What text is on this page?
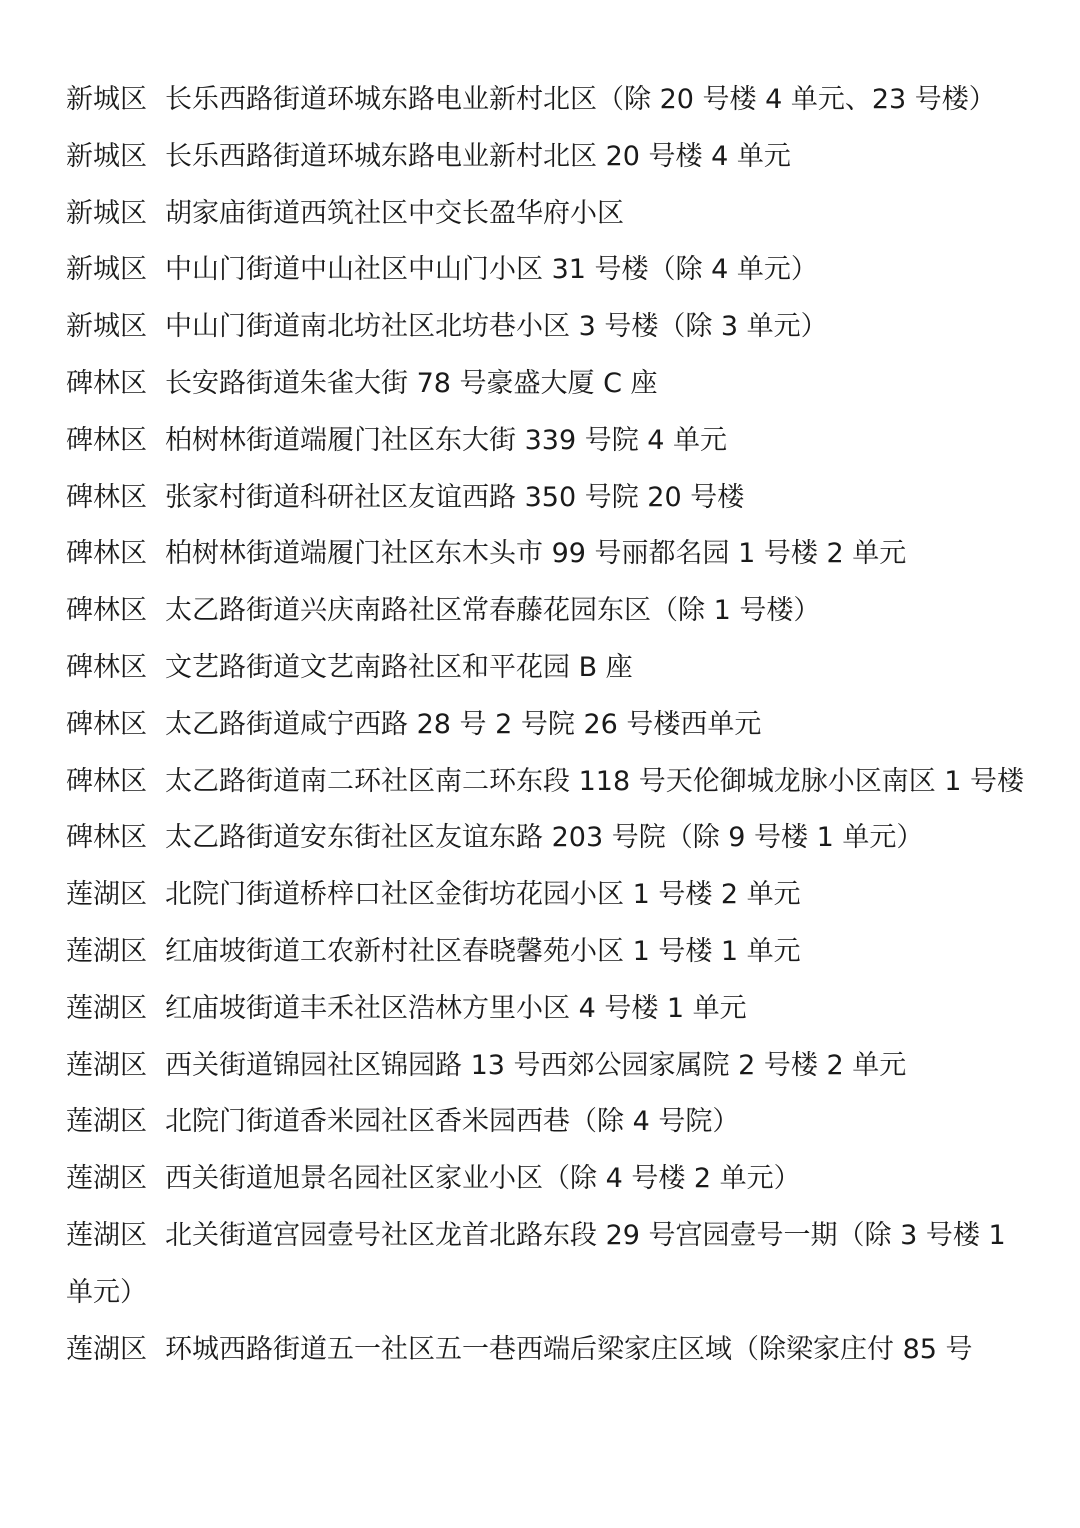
新城区 长乐西路街道环城东路电业新村北区（除 20 号楼 4 单元、23 号楼）

新城区 长乐西路街道环城东路电业新村北区 20 号楼 4 单元

新城区 胡家庙街道西筑社区中交长盈华府小区

新城区 中山门街道中山社区中山门小区 31 号楼（除 4 单元）

新城区 中山门街道南北坊社区北坊巷小区 3 号楼（除 3 单元）

碑林区 长安路街道朱雀大街 78 号豪盛大厦 C 座

碑林区 柏树林街道端履门社区东大街 339 号院 4 单元

碑林区 张家村街道科研社区友谊西路 350 号院 20 号楼

碑林区 柏树林街道端履门社区东木头市 99 号丽都名园 1 号楼 2 单元

碑林区 太乙路街道兴庆南路社区常春藤花园东区（除 1 号楼）

碑林区 文艺路街道文艺南路社区和平花园 B 座

碑林区 太乙路街道咸宁西路 28 号 2 号院 26 号楼西单元

碑林区 太乙路街道南二环社区南二环东段 118 号天伦御城龙脉小区南区 1 号楼

碑林区 太乙路街道安东街社区友谊东路 203 号院（除 9 号楼 1 单元）

莲湖区 北院门街道桥梓口社区金街坊花园小区 1 号楼 2 单元

莲湖区 红庙坡街道工农新村社区春晓馨苑小区 1 号楼 1 单元

莲湖区 红庙坡街道丰禾社区浩林方里小区 4 号楼 1 单元

莲湖区 西关街道锦园社区锦园路 13 号西郊公园家属院 2 号楼 2 单元

莲湖区 北院门街道香米园社区香米园西巷（除 4 号院）

莲湖区 西关街道旭景名园社区家业小区（除 4 号楼 2 单元）

莲湖区 北关街道宫园壹号社区龙首北路东段 29 号宫园壹号一期（除 3 号楼 1 单元）

莲湖区 环城西路街道五一社区五一巷西端后梁家庄区域（除梁家庄付 85 号
